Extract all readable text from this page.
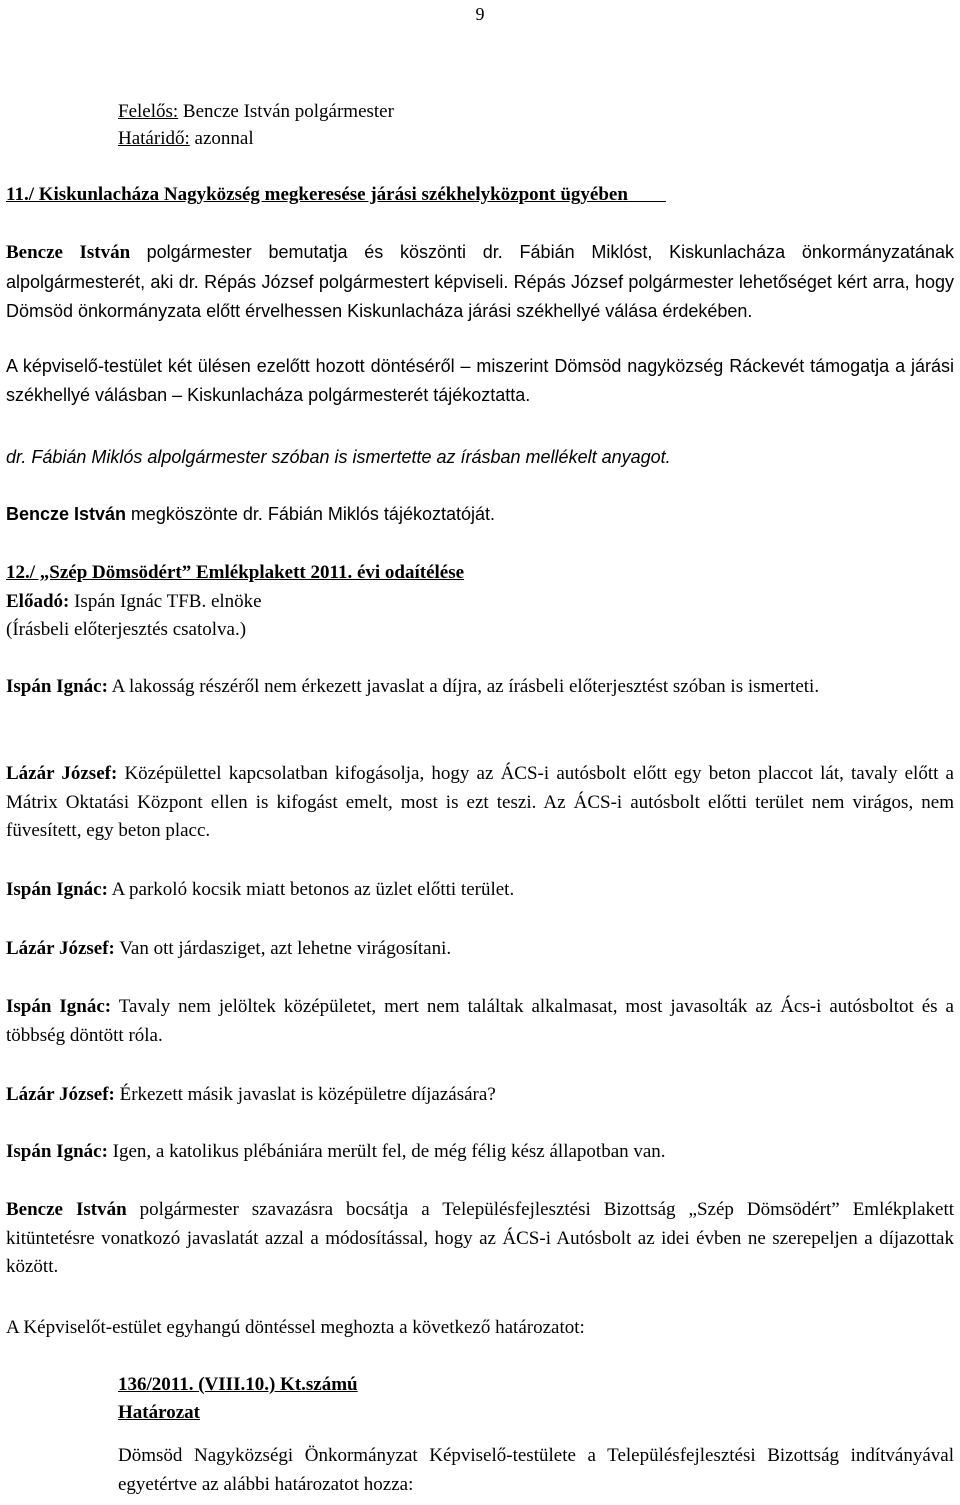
9
Felelős: Bencze István polgármester
Határidő: azonnal
11./ Kiskunlacháza Nagyközség megkeresése járási székhelyközpont ügyében
Bencze István polgármester bemutatja és köszönti dr. Fábián Miklóst, Kiskunlacháza önkormányzatának alpolgármesterét, aki dr. Répás József polgármestert képviseli. Répás József polgármester lehetőséget kért arra, hogy Dömsöd önkormányzata előtt érvelhessen Kiskunlacháza járási székhellyé válása érdekében.
A képviselő-testület két ülésen ezelőtt hozott döntéséről – miszerint Dömsöd nagyközség Ráckevét támogatja a járási székhellyé válásban – Kiskunlacháza polgármesterét tájékoztatta.
dr. Fábián Miklós alpolgármester szóban is ismertette az írásban mellékelt anyagot.
Bencze István megköszönte dr. Fábián Miklós tájékoztatóját.
12./ „Szép Dömsödért” Emlékplakett 2011. évi odaítélése
Előadó: Ispán Ignác TFB. elnöke
(Írásbeli előterjesztés csatolva.)
Ispán Ignác: A lakosság részéről nem érkezett javaslat a díjra, az írásbeli előterjesztést szóban is ismerteti.
Lázár József: Középülettel kapcsolatban kifogásolja, hogy az ÁCS-i autósbolt előtt egy beton placcot lát, tavaly előtt a Mátrix Oktatási Központ ellen is kifogást emelt, most is ezt teszi. Az ÁCS-i autósbolt előtti terület nem virágos, nem füvesített, egy beton placc.
Ispán Ignác: A parkoló kocsik miatt betonos az üzlet előtti terület.
Lázár József: Van ott járdasziget, azt lehetne virágosítani.
Ispán Ignác: Tavaly nem jelöltek középületet, mert nem találtak alkalmasat, most javasolták az Ács-i autósboltot és a többség döntött róla.
Lázár József: Érkezett másik javaslat is középületre díjazására?
Ispán Ignác: Igen, a katolikus plébániára merült fel, de még félig kész állapotban van.
Bencze István polgármester szavazásra bocsátja a Településfejlesztési Bizottság „Szép Dömsödért” Emlékplakett kitüntetésre vonatkozó javaslatát azzal a módosítással, hogy az ÁCS-i Autósbolt az idei évben ne szerepeljen a díjazottak között.
A Képviselőt-estület egyhangú döntéssel meghozta a következő határozatot:
136/2011. (VIII.10.) Kt.számú
Határozat
Dömsöd Nagyközségi Önkormányzat Képviselő-testülete a Településfejlesztési Bizottság indítványával egyetértve az alábbi határozatot hozza:
